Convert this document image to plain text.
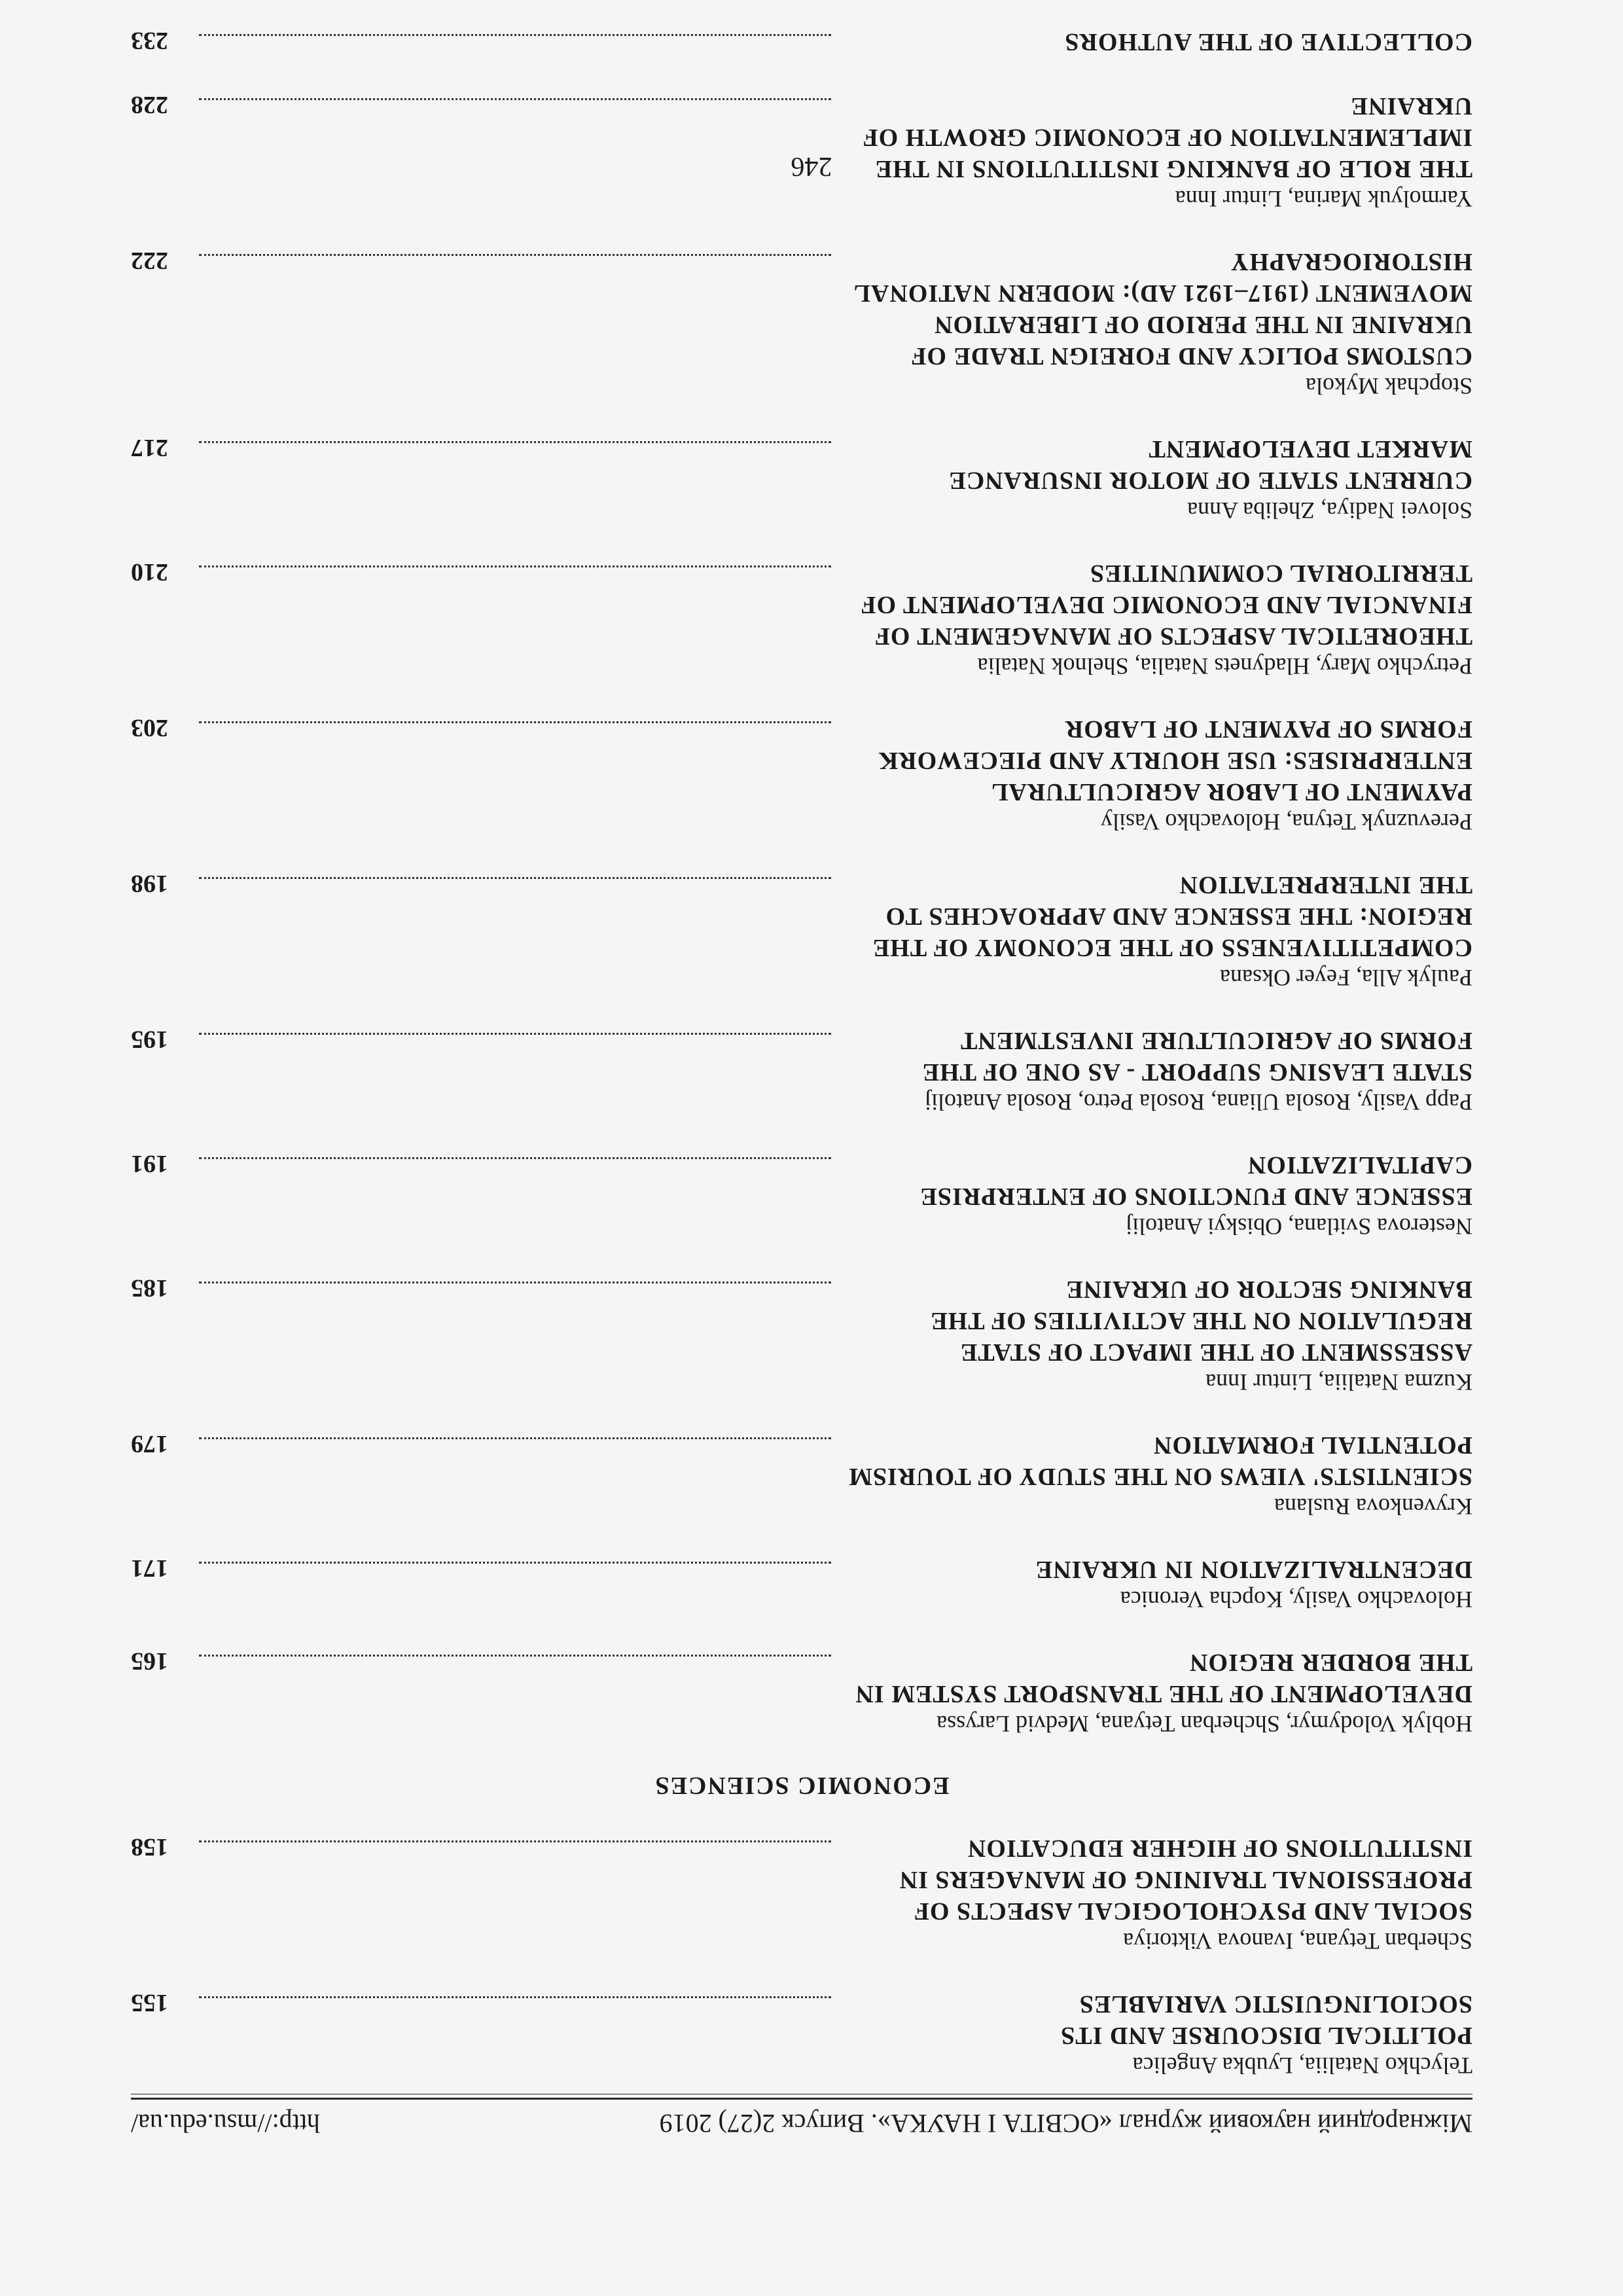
Міжнародний науковий журнал «ОСВІТА І НАУКА». Випуск 2(27) 2019
http://msu.edu.ua/
Telychko Nataliia, Lyubka Angelica
POLITICAL DISCOURSE AND ITS SOCIOLINGUISTIC VARIABLES
155
Scherban Tetyana, Ivanova Viktoriya
SOCIAL AND PSYCHOLOGICAL ASPECTS OF PROFESSIONAL TRAINING OF MANAGERS IN INSTITUTIONS OF HIGHER EDUCATION
158
ECONOMIC SCIENCES
Hoblyk Volodymyr, Shcherban Tetyana, Medvid Laryssa
DEVELOPMENT OF THE TRANSPORT SYSTEM IN THE BORDER REGION
165
Holovachko Vasily, Kopcha Veronica
DECENTRALIZATION IN UKRAINE
171
Kryvenkova Ruslana
SCIENTISTS' VIEWS ON THE STUDY OF TOURISM POTENTIAL FORMATION
179
Kuzma Nataliia, Lintur Inna
ASSESSMENT OF THE IMPACT OF STATE REGULATION ON THE ACTIVITIES OF THE BANKING SECTOR OF UKRAINE
185
Nesterova Svitlana, Obiskyi Anatolij
ESSENCE AND FUNCTIONS OF ENTERPRISE CAPITALIZATION
191
Papp Vasily, Rosola Uliana, Rosola Petro, Rosola Anatolij
STATE LEASING SUPPORT - AS ONE OF THE FORMS OF AGRICULTURE INVESTMENT
195
Paulyk Alla, Feyer Oksana
COMPETITIVENESS OF THE ECONOMY OF THE REGION: THE ESSENCE AND APPROACHES TO THE INTERPRETATION
198
Perevuznyk Tetyna, Holovachko Vasily
PAYMENT OF LABOR AGRICULTURAL ENTERPRISES: USE HOURLY AND PIECEWORK FORMS OF PAYMENT OF LABOR
203
Petrychko Mary, Hladynets Natalia, Shelnok Natalia
THEORETICAL ASPECTS OF MANAGEMENT OF FINANCIAL AND ECONOMIC DEVELOPMENT OF TERRITORIAL COMMUNITIES
210
Solovei Nadiya, Zheliba Anna
CURRENT STATE OF MOTOR INSURANCE MARKET DEVELOPMENT
217
Stopchak Mykola
CUSTOMS POLICY AND FOREIGN TRADE OF UKRAINE IN THE PERIOD OF LIBERATION MOVEMENT (1917–1921 AD): MODERN NATIONAL HISTORIOGRAPHY
222
Yarmolyuk Marina, Lintur Inna
THE ROLE OF BANKING INSTITUTIONS IN THE IMPLEMENTATION OF ECONOMIC GROWTH OF UKRAINE
228
COLLECTIVE OF THE AUTHORS
233
246
